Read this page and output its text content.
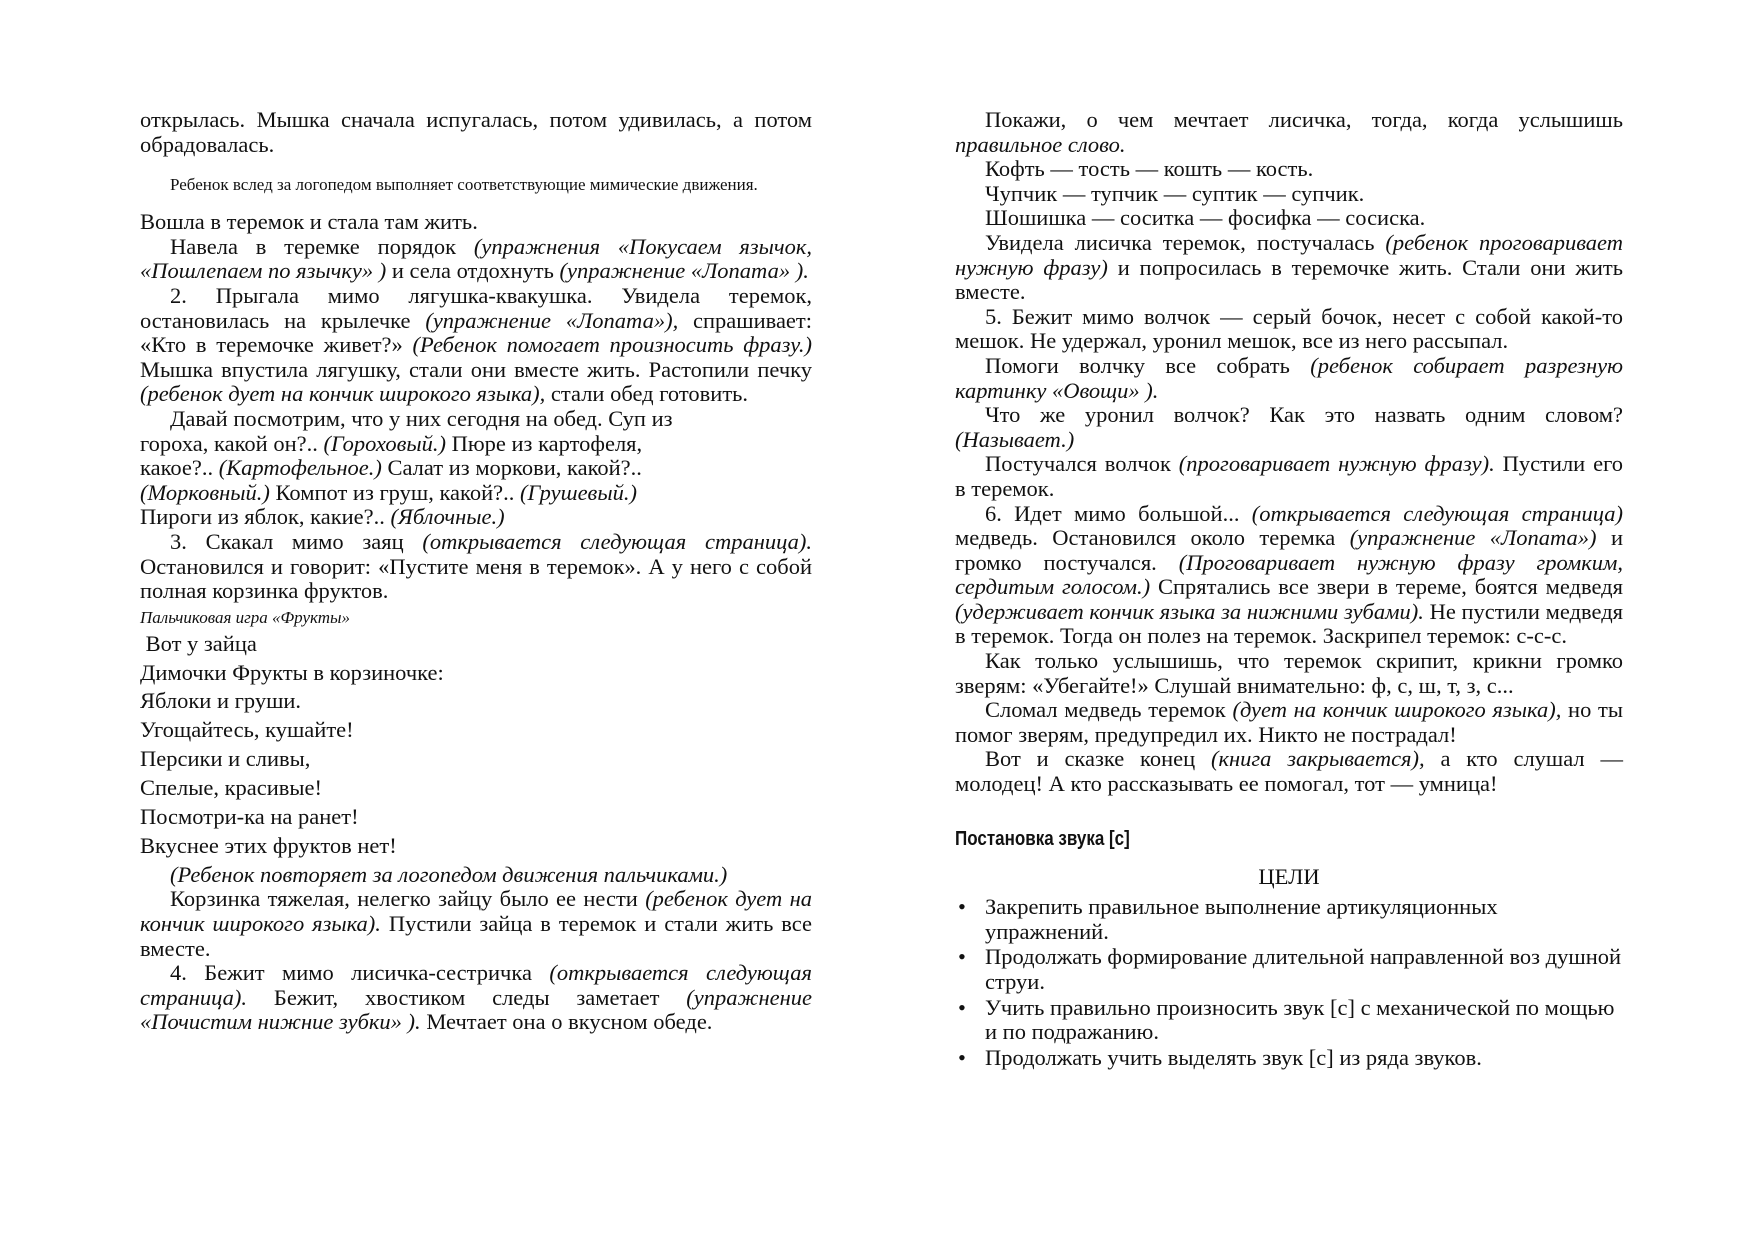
открылась. Мышка сначала испугалась, потом удивилась, а потом обрадовалась.

Ребенок вслед за логопедом выполняет соответствующие мимические движения.

Вошла в теремок и стала там жить.

Навела в теремке порядок (упражнения «Покусаем язычок, «Пошлепаем по язычку» ) и села отдохнуть (упражнение «Лопата» ).

2. Прыгала мимо лягушка-квакушка. Увидела теремок, остановилась на крылечке (упражнение «Лопата»), спрашивает: «Кто в теремочке живет?» (Ребенок помогает произносить фразу.) Мышка впустила лягушку, стали они вместе жить. Растопили печку (ребенок дует на кончик широкого языка), стали обед готовить.

Давай посмотрим, что у них сегодня на обед. Суп из гороха, какой он?.. (Гороховый.) Пюре из картофеля, какое?.. (Картофельное.) Салат из моркови, какой?.. (Морковный.) Компот из груш, какой?.. (Грушевый.) Пироги из яблок, какие?.. (Яблочные.)

3. Скакал мимо заяц (открывается следующая страница). Остановился и говорит: «Пустите меня в теремок». А у него с собой полная корзинка фруктов.

Пальчиковая игра «Фрукты»

Вот у зайца

Димочки Фрукты в корзиночке:

Яблоки и груши.

Угощайтесь, кушайте!

Персики и сливы,

Спелые, красивые!

Посмотри-ка на ранет!

Вкуснее этих фруктов нет!

(Ребенок повторяет за логопедом движения пальчиками.)

Корзинка тяжелая, нелегко зайцу было ее нести (ребенок дует на кончик широкого языка). Пустили зайца в теремок и стали жить все вместе.

4. Бежит мимо лисичка-сестричка (открывается следующая страница). Бежит, хвостиком следы заметает (упражнение «Почистим нижние зубки» ). Мечтает она о вкусном обеде.

Покажи, о чем мечтает лисичка, тогда, когда услышишь правильное слово.

Кофть — тость — кошть — кость.

Чупчик — тупчик — суптик — супчик.

Шошишка — соситка — фосифка — сосиска.

Увидела лисичка теремок, постучалась (ребенок проговаривает нужную фразу) и попросилась в теремочке жить. Стали они жить вместе.

5. Бежит мимо волчок — серый бочок, несет с собой какой-то мешок. Не удержал, уронил мешок, все из него рассыпал.

Помоги волчку все собрать (ребенок собирает разрезную картинку «Овощи» ).

Что же уронил волчок? Как это назвать одним словом? (Называет.)

Постучался волчок (проговаривает нужную фразу). Пустили его в теремок.

6. Идет мимо большой... (открывается следующая страница) медведь. Остановился около теремка (упражнение «Лопата») и громко постучался. (Проговаривает нужную фразу громким, сердитым голосом.) Спрятались все звери в тереме, боятся медведя (удерживает кончик языка за нижними зубами). Не пустили медведя в теремок. Тогда он полез на теремок. Заскрипел теремок: с-с-с.

Как только услышишь, что теремок скрипит, крикни громко зверям: «Убегайте!» Слушай внимательно: ф, с, ш, т, з, с...

Сломал медведь теремок (дует на кончик широкого языка), но ты помог зверям, предупредил их. Никто не пострадал!

Вот и сказке конец (книга закрывается), а кто слушал — молодец! А кто рассказывать ее помогал, тот — умница!

Постановка звука [с]
ЦЕЛИ
• Закрепить правильное выполнение артикуляционных упражнений.
• Продолжать формирование длительной направленной воз душной струи.
• Учить правильно произносить звук [с] с механической по мощью и по подражанию.
• Продолжать учить выделять звук [с] из ряда звуков.
